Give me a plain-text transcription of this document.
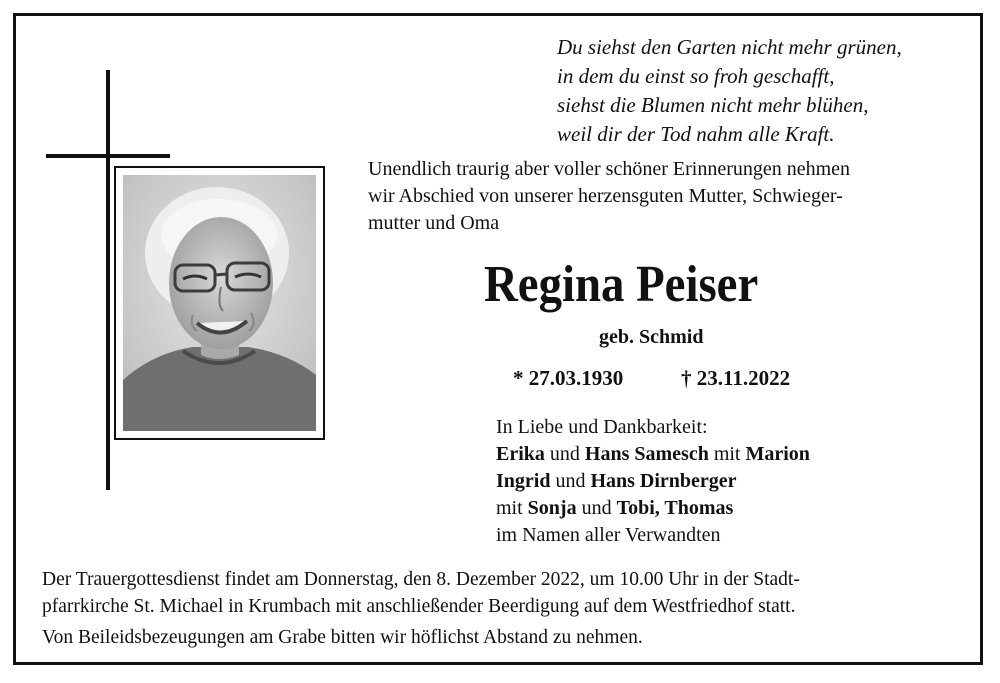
Du siehst den Garten nicht mehr grünen,
in dem du einst so froh geschafft,
siehst die Blumen nicht mehr blühen,
weil dir der Tod nahm alle Kraft.
Unendlich traurig aber voller schöner Erinnerungen nehmen
wir Abschied von unserer herzensguten Mutter, Schwieger-
mutter und Oma
Regina Peiser
geb. Schmid
* 27.03.1930	† 23.11.2022
In Liebe und Dankbarkeit:
Erika und Hans Samesch mit Marion
Ingrid und Hans Dirnberger
mit Sonja und Tobi, Thomas
im Namen aller Verwandten
Der Trauergottesdienst findet am Donnerstag, den 8. Dezember 2022, um 10.00 Uhr in der Stadt-
pfarrkirche St. Michael in Krumbach mit anschließender Beerdigung auf dem Westfriedhof statt.
Von Beileidsbezeugungen am Grabe bitten wir höflichst Abstand zu nehmen.
